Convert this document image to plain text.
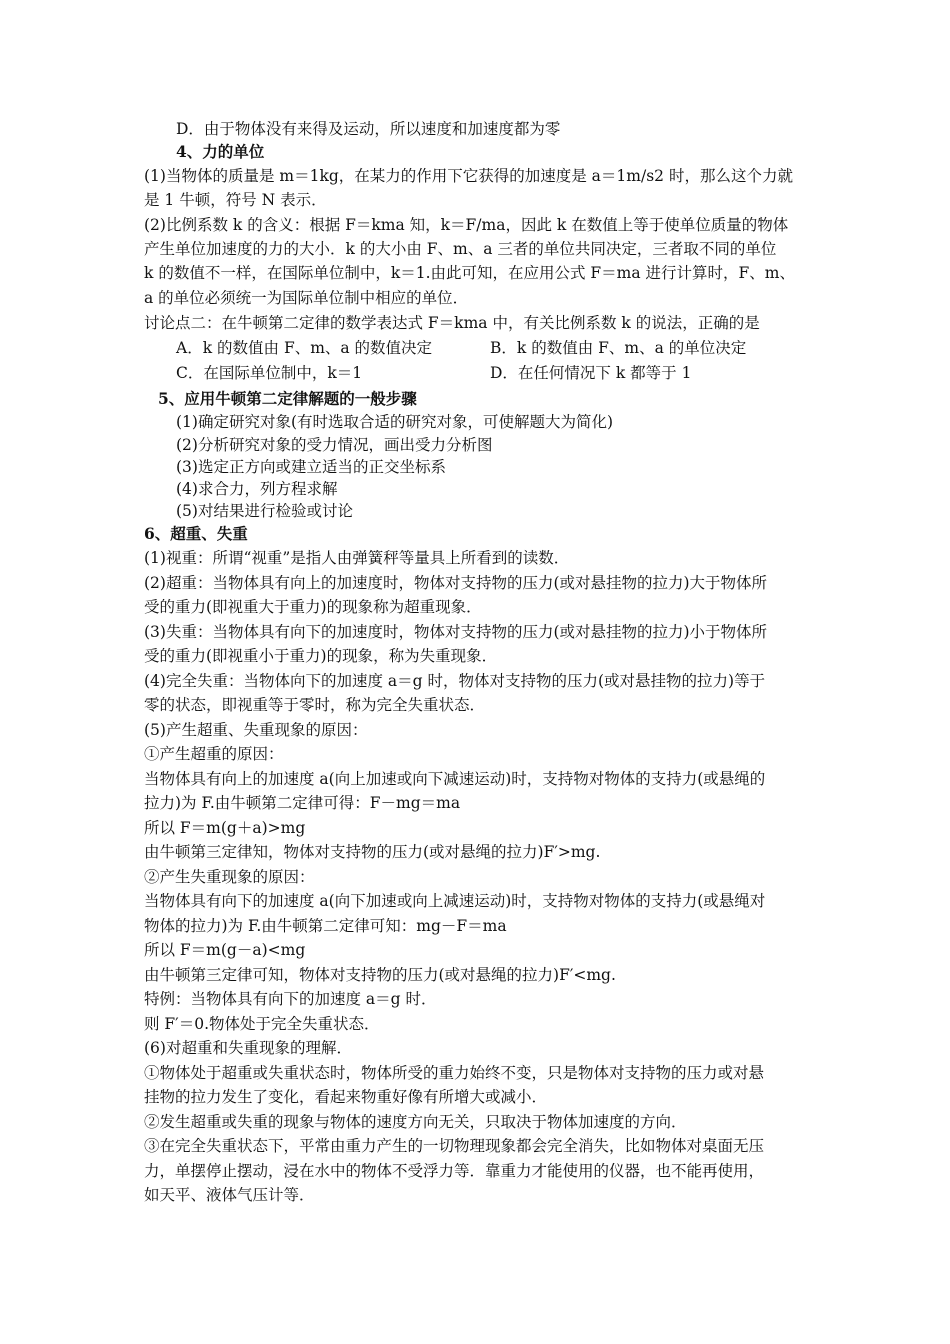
D．由于物体没有来得及运动，所以速度和加速度都为零
4、力的单位
(1)当物体的质量是 m＝1kg，在某力的作用下它获得的加速度是 a＝1m/s2 时，那么这个力就
是 1 牛顿，符号 N 表示．
(2)比例系数 k 的含义：根据 F＝kma 知，k＝F/ma，因此 k 在数值上等于使单位质量的物体
产生单位加速度的力的大小．k 的大小由 F、m、a 三者的单位共同决定，三者取不同的单位
k 的数值不一样，在国际单位制中，k＝1.由此可知，在应用公式 F＝ma 进行计算时，F、m、
a 的单位必须统一为国际单位制中相应的单位．
讨论点二：在牛顿第二定律的数学表达式 F＝kma 中，有关比例系数 k 的说法，正确的是
A．k 的数值由 F、m、a 的数值决定	B．k 的数值由 F、m、a 的单位决定
C．在国际单位制中，k＝1	D．在任何情况下 k 都等于 1
5、应用牛顿第二定律解题的一般步骤
(1)确定研究对象(有时选取合适的研究对象，可使解题大为简化)
(2)分析研究对象的受力情况，画出受力分析图
(3)选定正方向或建立适当的正交坐标系
(4)求合力，列方程求解
(5)对结果进行检验或讨论
6、超重、失重
(1)视重：所谓“视重”是指人由弹簧秤等量具上所看到的读数．
(2)超重：当物体具有向上的加速度时，物体对支持物的压力(或对悬挂物的拉力)大于物体所
受的重力(即视重大于重力)的现象称为超重现象．
(3)失重：当物体具有向下的加速度时，物体对支持物的压力(或对悬挂物的拉力)小于物体所
受的重力(即视重小于重力)的现象，称为失重现象．
(4)完全失重：当物体向下的加速度 a＝g 时，物体对支持物的压力(或对悬挂物的拉力)等于
零的状态，即视重等于零时，称为完全失重状态．
(5)产生超重、失重现象的原因：
①产生超重的原因：
当物体具有向上的加速度 a(向上加速或向下减速运动)时，支持物对物体的支持力(或悬绳的
拉力)为 F.由牛顿第二定律可得：F－mg＝ma
所以 F＝m(g＋a)>mg
由牛顿第三定律知，物体对支持物的压力(或对悬绳的拉力)F′>mg.
②产生失重现象的原因：
当物体具有向下的加速度 a(向下加速或向上减速运动)时，支持物对物体的支持力(或悬绳对
物体的拉力)为 F.由牛顿第二定律可知：mg－F＝ma
所以 F＝m(g－a)<mg
由牛顿第三定律可知，物体对支持物的压力(或对悬绳的拉力)F′<mg.
特例：当物体具有向下的加速度 a＝g 时．
则 F′＝0.物体处于完全失重状态．
(6)对超重和失重现象的理解．
①物体处于超重或失重状态时，物体所受的重力始终不变，只是物体对支持物的压力或对悬
挂物的拉力发生了变化，看起来物重好像有所增大或减小．
②发生超重或失重的现象与物体的速度方向无关，只取决于物体加速度的方向．
③在完全失重状态下，平常由重力产生的一切物理现象都会完全消失，比如物体对桌面无压
力，单摆停止摆动，浸在水中的物体不受浮力等．靠重力才能使用的仪器，也不能再使用，
如天平、液体气压计等．
